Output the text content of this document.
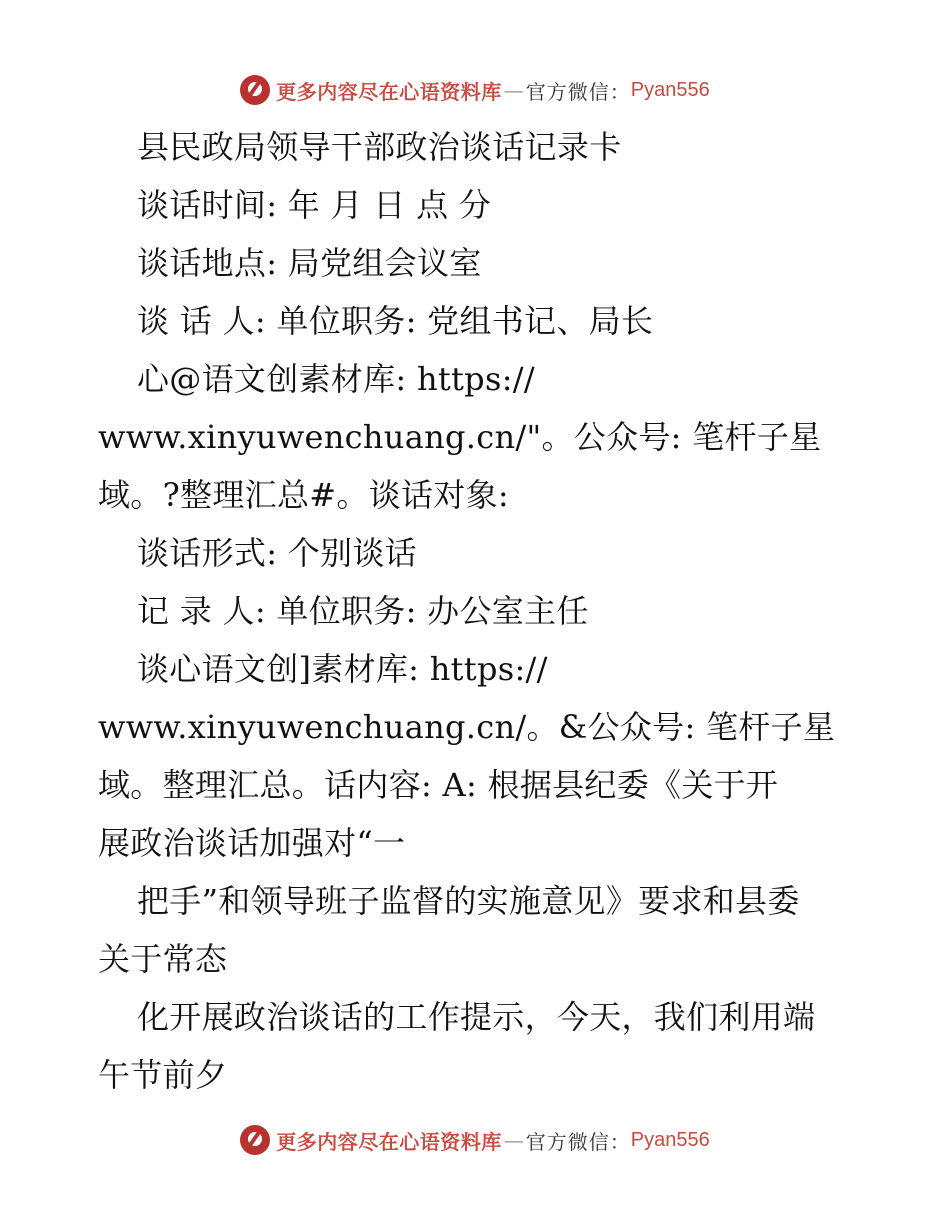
更多内容尽在心语资料库 — 官方微信： Pyan556
县民政局领导干部政治谈话记录卡
谈话时间: 年 月 日 点 分
谈话地点: 局党组会议室
谈 话 人: 单位职务: 党组书记、局长
心@语文创素材库: https://
www.xinyuwenchuang.cn/"。公众号: 笔杆子星
域。?整理汇总#。谈话对象:
谈话形式: 个别谈话
记 录 人: 单位职务: 办公室主任
谈心语文创]素材库: https://
www.xinyuwenchuang.cn/。&公众号: 笔杆子星
域。整理汇总。话内容: A: 根据县纪委《关于开
展政治谈话加强对“一
把手”和领导班子监督的实施意见》要求和县委
关于常态
化开展政治谈话的工作提示，今天，我们利用端
午节前夕
更多内容尽在心语资料库 — 官方微信： Pyan556
